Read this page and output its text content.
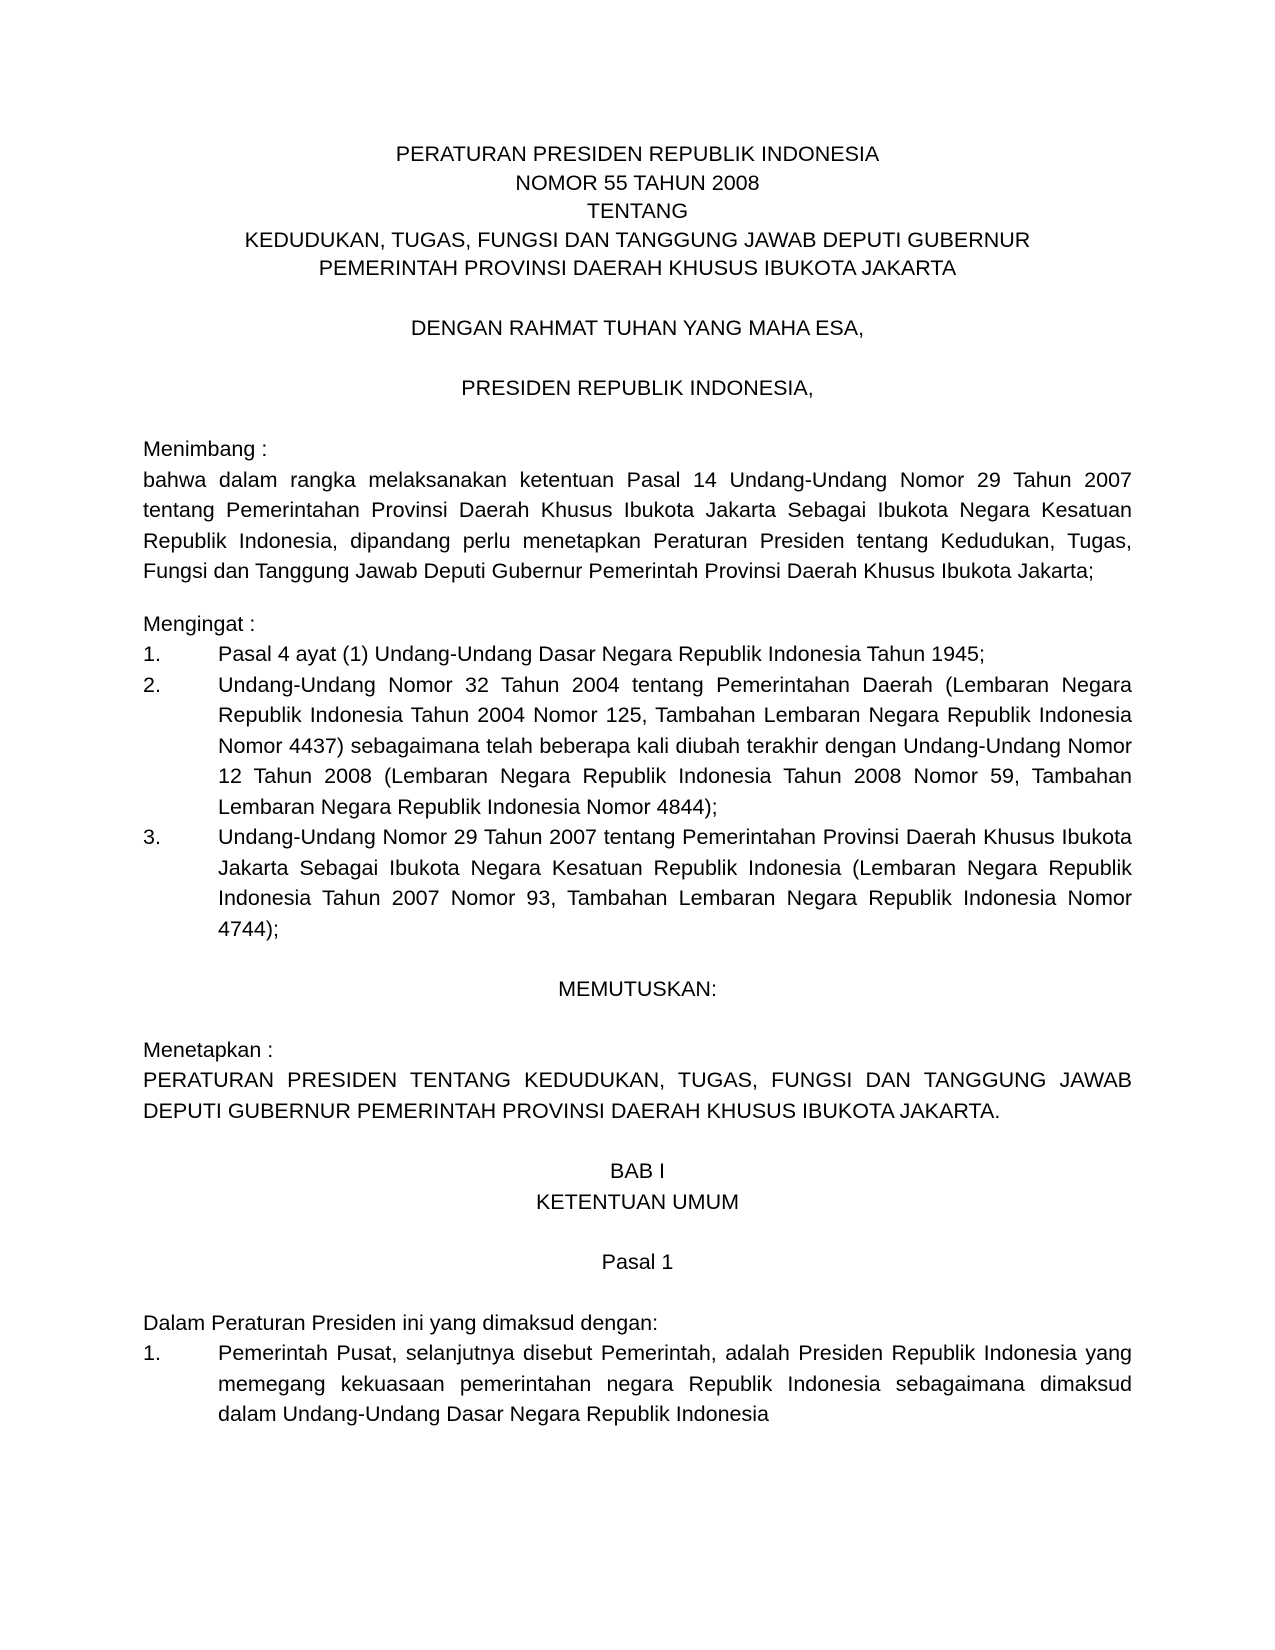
PERATURAN PRESIDEN REPUBLIK INDONESIA
NOMOR 55 TAHUN 2008
TENTANG
KEDUDUKAN, TUGAS, FUNGSI DAN TANGGUNG JAWAB DEPUTI GUBERNUR
PEMERINTAH PROVINSI DAERAH KHUSUS IBUKOTA JAKARTA
DENGAN RAHMAT TUHAN YANG MAHA ESA,
PRESIDEN REPUBLIK INDONESIA,
Menimbang :
bahwa dalam rangka melaksanakan ketentuan Pasal 14 Undang-Undang Nomor 29 Tahun 2007 tentang Pemerintahan Provinsi Daerah Khusus Ibukota Jakarta Sebagai Ibukota Negara Kesatuan Republik Indonesia, dipandang perlu menetapkan Peraturan Presiden tentang Kedudukan, Tugas, Fungsi dan Tanggung Jawab Deputi Gubernur Pemerintah Provinsi Daerah Khusus Ibukota Jakarta;
Mengingat :
1.	Pasal 4 ayat (1) Undang-Undang Dasar Negara Republik Indonesia Tahun 1945;
2.	Undang-Undang Nomor 32 Tahun 2004 tentang Pemerintahan Daerah (Lembaran Negara Republik Indonesia Tahun 2004 Nomor 125, Tambahan Lembaran Negara Republik Indonesia Nomor 4437) sebagaimana telah beberapa kali diubah terakhir dengan Undang-Undang Nomor 12 Tahun 2008 (Lembaran Negara Republik Indonesia Tahun 2008 Nomor 59, Tambahan Lembaran Negara Republik Indonesia Nomor 4844);
3.	Undang-Undang Nomor 29 Tahun 2007 tentang Pemerintahan Provinsi Daerah Khusus Ibukota Jakarta Sebagai Ibukota Negara Kesatuan Republik Indonesia (Lembaran Negara Republik Indonesia Tahun 2007 Nomor 93, Tambahan Lembaran Negara Republik Indonesia Nomor 4744);
MEMUTUSKAN:
Menetapkan :
PERATURAN PRESIDEN TENTANG KEDUDUKAN, TUGAS, FUNGSI DAN TANGGUNG JAWAB DEPUTI GUBERNUR PEMERINTAH PROVINSI DAERAH KHUSUS IBUKOTA JAKARTA.
BAB I
KETENTUAN UMUM
Pasal 1
Dalam Peraturan Presiden ini yang dimaksud dengan:
1.	Pemerintah Pusat, selanjutnya disebut Pemerintah, adalah Presiden Republik Indonesia yang memegang kekuasaan pemerintahan negara Republik Indonesia sebagaimana dimaksud dalam Undang-Undang Dasar Negara Republik Indonesia
